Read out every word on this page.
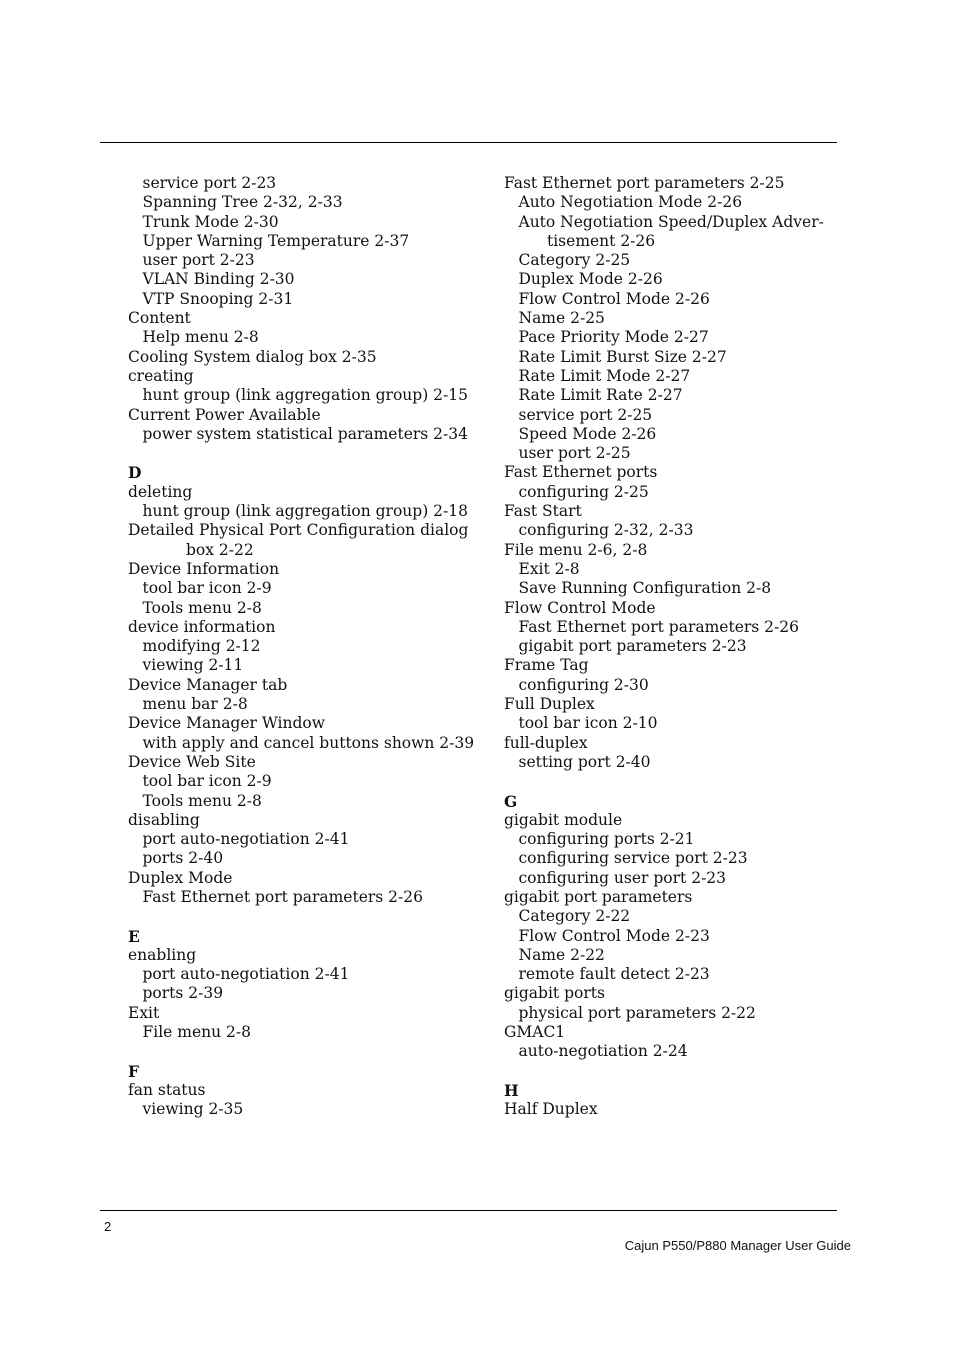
service port 2-23
Spanning Tree 2-32, 2-33
Trunk Mode 2-30
Upper Warning Temperature 2-37
user port 2-23
VLAN Binding 2-30
VTP Snooping 2-31
Content
Help menu 2-8
Cooling System dialog box 2-35
creating
hunt group (link aggregation group) 2-15
Current Power Available
power system statistical parameters 2-34
D
deleting
hunt group (link aggregation group) 2-18
Detailed Physical Port Configuration dialog
box 2-22
Device Information
tool bar icon 2-9
Tools menu 2-8
device information
modifying 2-12
viewing 2-11
Device Manager tab
menu bar 2-8
Device Manager Window
with apply and cancel buttons shown 2-39
Device Web Site
tool bar icon 2-9
Tools menu 2-8
disabling
port auto-negotiation 2-41
ports 2-40
Duplex Mode
Fast Ethernet port parameters 2-26
E
enabling
port auto-negotiation 2-41
ports 2-39
Exit
File menu 2-8
F
fan status
viewing 2-35
Fast Ethernet port parameters 2-25
Auto Negotiation Mode 2-26
Auto Negotiation Speed/Duplex Adver-
tisement 2-26
Category 2-25
Duplex Mode 2-26
Flow Control Mode 2-26
Name 2-25
Pace Priority Mode 2-27
Rate Limit Burst Size 2-27
Rate Limit Mode 2-27
Rate Limit Rate 2-27
service port 2-25
Speed Mode 2-26
user port 2-25
Fast Ethernet ports
configuring 2-25
Fast Start
configuring 2-32, 2-33
File menu 2-6, 2-8
Exit 2-8
Save Running Configuration 2-8
Flow Control Mode
Fast Ethernet port parameters 2-26
gigabit port parameters 2-23
Frame Tag
configuring 2-30
Full Duplex
tool bar icon 2-10
full-duplex
setting port 2-40
G
gigabit module
configuring ports 2-21
configuring service port 2-23
configuring user port 2-23
gigabit port parameters
Category 2-22
Flow Control Mode 2-23
Name 2-22
remote fault detect 2-23
gigabit ports
physical port parameters 2-22
GMAC1
auto-negotiation 2-24
H
Half Duplex
2
Cajun P550/P880 Manager User Guide
